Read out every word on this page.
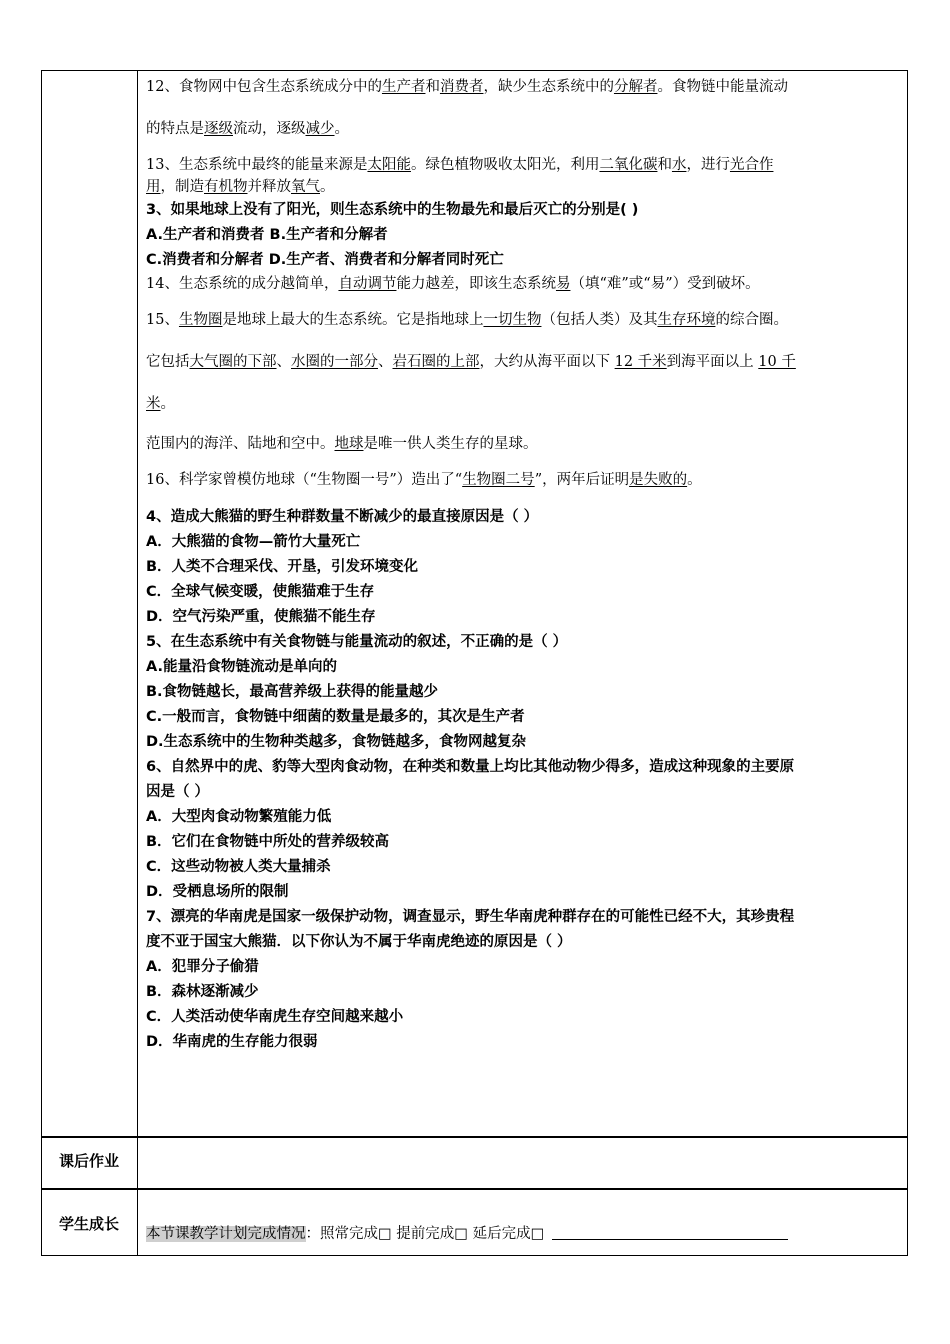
课后作业
学生成长

12、食物网中包含生态系统成分中的生产者和消费者，缺少生态系统中的分解者。食物链中能量流动

的特点是逐级流动，逐级减少。

13、生态系统中最终的能量来源是太阳能。绿色植物吸收太阳光，利用二氧化碳和水，进行光合作

用，制造有机物并释放氧气。

3、如果地球上没有了阳光，则生态系统中的生物最先和最后灭亡的分别是( )

A.生产者和消费者 B.生产者和分解者

C.消费者和分解者 D.生产者、消费者和分解者同时死亡

14、生态系统的成分越简单，自动调节能力越差，即该生态系统易（填“难”或“易”）受到破坏。

15、生物圈是地球上最大的生态系统。它是指地球上一切生物（包括人类）及其生存环境的综合圈。

它包括大气圈的下部、水圈的一部分、岩石圈的上部，大约从海平面以下 12 千米到海平面以上 10 千

米。

范围内的海洋、陆地和空中。地球是唯一供人类生存的星球。

16、科学家曾模仿地球（“生物圈一号”）造出了“生物圈二号”，两年后证明是失败的。

4、造成大熊猫的野生种群数量不断减少的最直接原因是（ ）

A．大熊猫的食物—箭竹大量死亡

B．人类不合理采伐、开垦，引发环境变化

C．全球气候变暖，使熊猫难于生存

D．空气污染严重，使熊猫不能生存

5、在生态系统中有关食物链与能量流动的叙述，不正确的是（ ）

A.能量沿食物链流动是单向的

B.食物链越长，最高营养级上获得的能量越少

C.一般而言，食物链中细菌的数量是最多的，其次是生产者

D.生态系统中的生物种类越多，食物链越多，食物网越复杂

6、自然界中的虎、豹等大型肉食动物，在种类和数量上均比其他动物少得多，造成这种现象的主要原

因是（ ）

A．大型肉食动物繁殖能力低

B．它们在食物链中所处的营养级较高

C．这些动物被人类大量捕杀

D．受栖息场所的限制

7、漂亮的华南虎是国家一级保护动物，调查显示，野生华南虎种群存在的可能性已经不大，其珍贵程

度不亚于国宝大熊猫．以下你认为不属于华南虎绝迹的原因是（ ）

A．犯罪分子偷猎

B．森林逐渐减少

C．人类活动使华南虎生存空间越来越小

D．华南虎的生存能力很弱

本节课教学计划完成情况：照常完成□ 提前完成□ 延后完成□
